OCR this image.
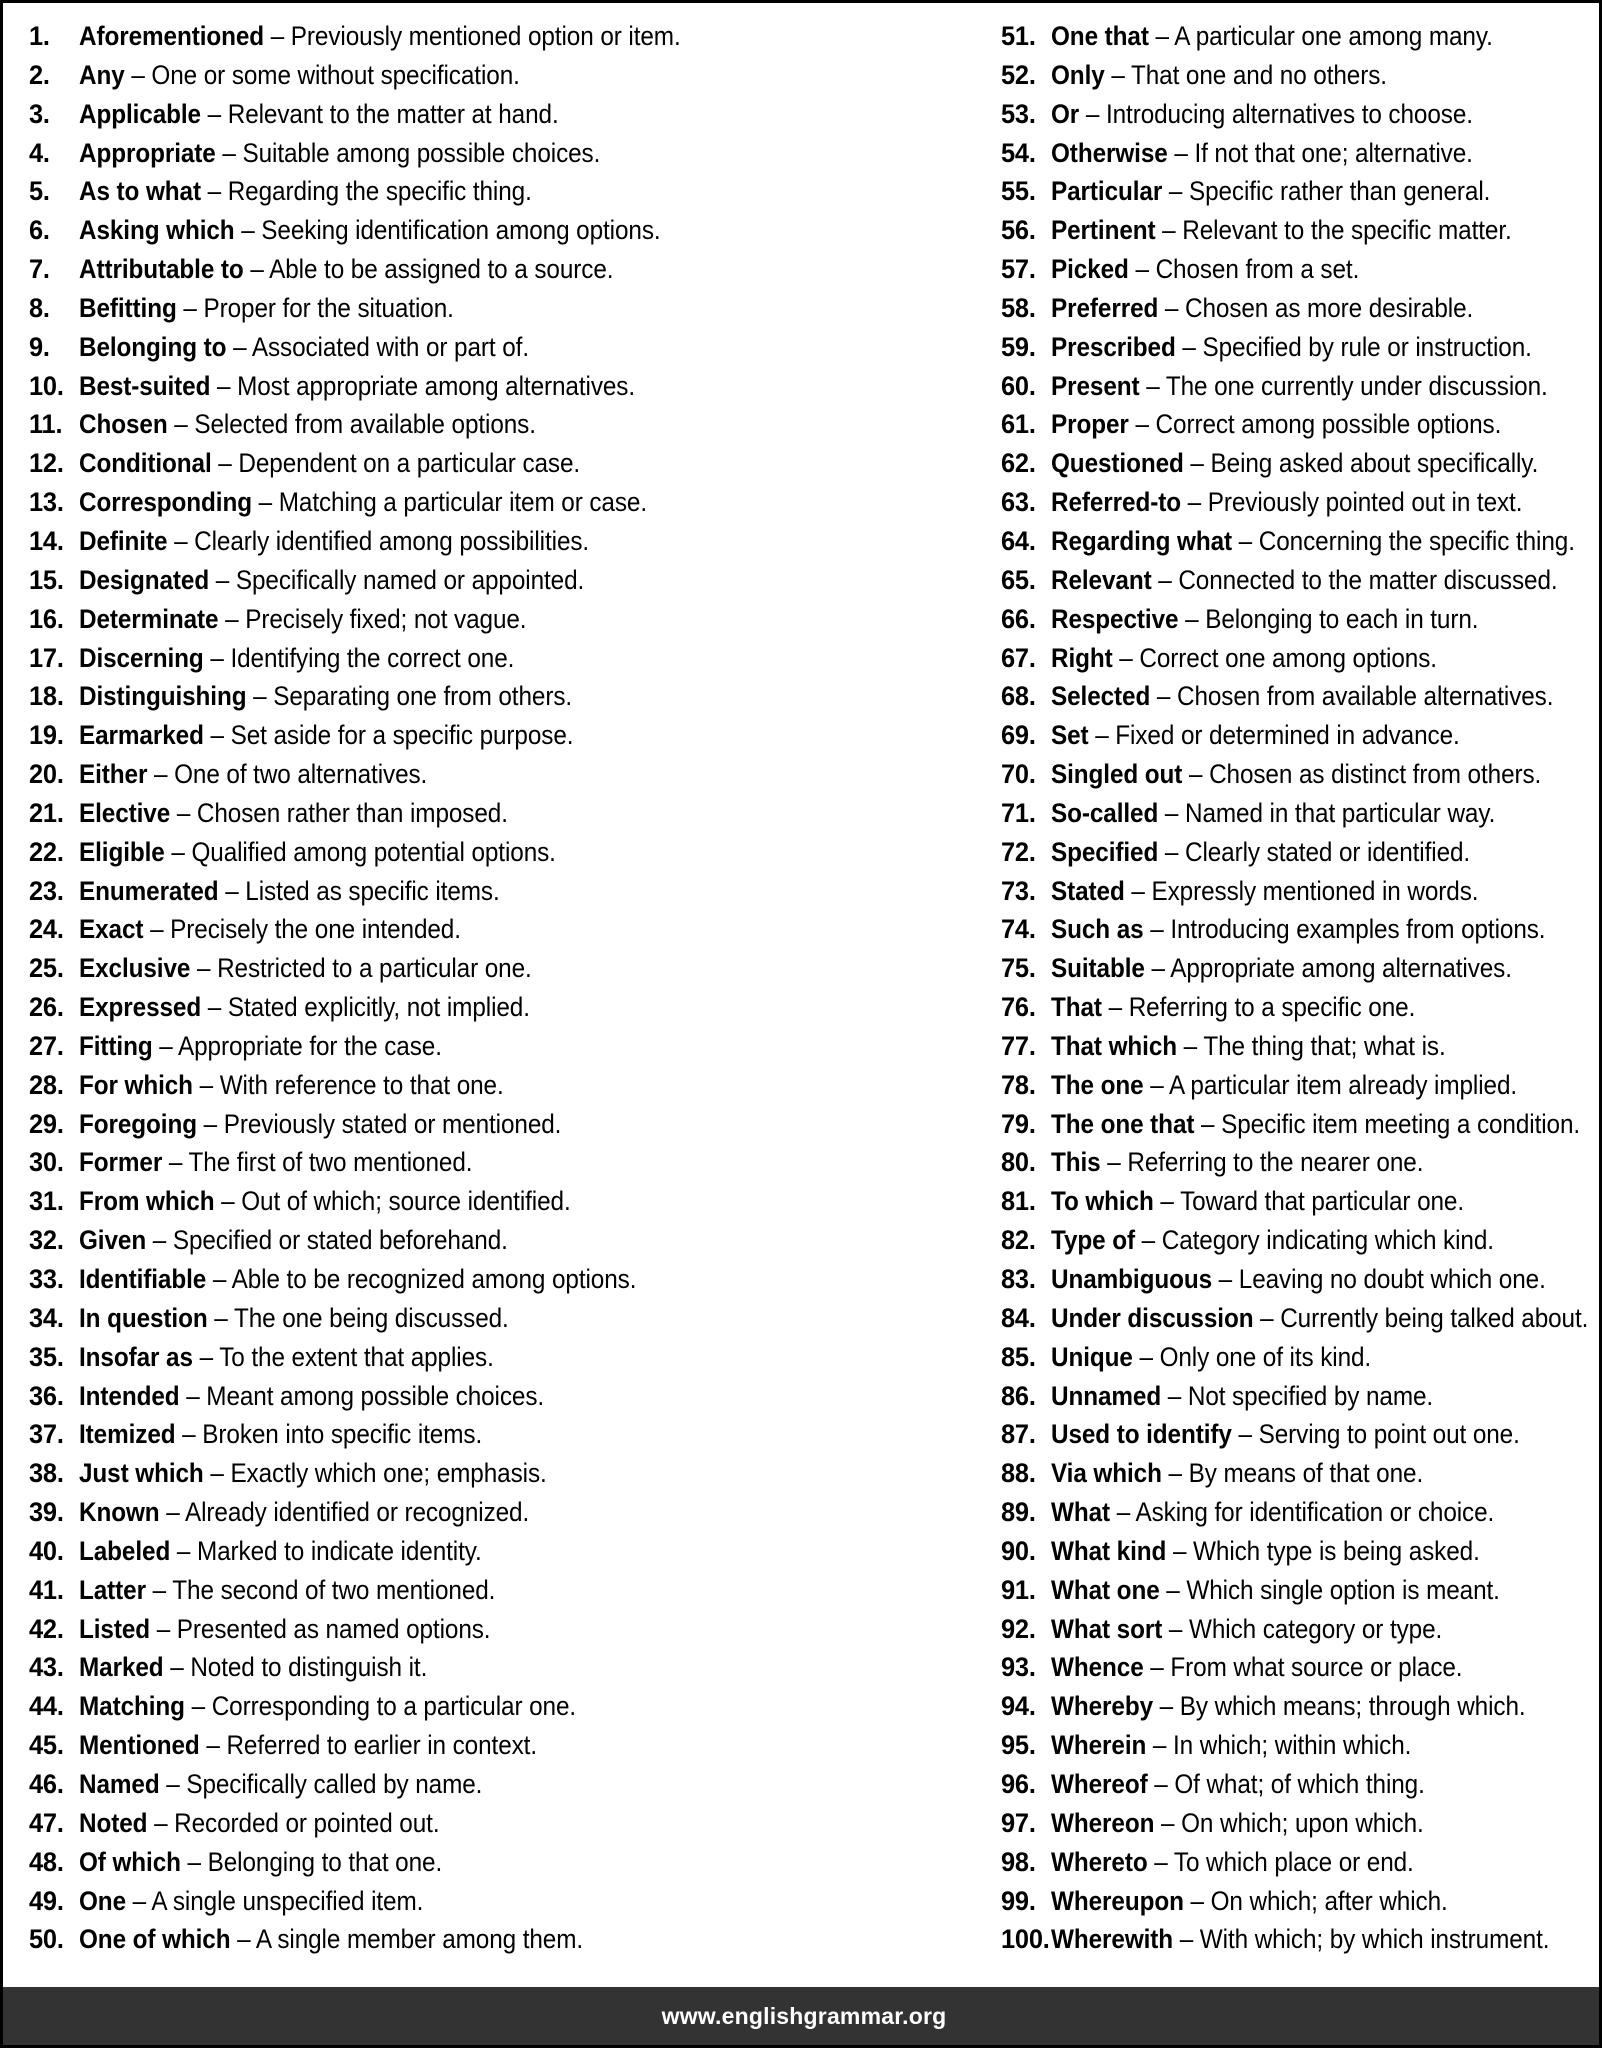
1.	Aforementioned – Previously mentioned option or item.
2.	Any – One or some without specification.
3.	Applicable – Relevant to the matter at hand.
4.	Appropriate – Suitable among possible choices.
5.	As to what – Regarding the specific thing.
6.	Asking which – Seeking identification among options.
7.	Attributable to – Able to be assigned to a source.
8.	Befitting – Proper for the situation.
9.	Belonging to – Associated with or part of.
10. Best-suited – Most appropriate among alternatives.
11. Chosen – Selected from available options.
12. Conditional – Dependent on a particular case.
13. Corresponding – Matching a particular item or case.
14. Definite – Clearly identified among possibilities.
15. Designated – Specifically named or appointed.
16. Determinate – Precisely fixed; not vague.
17. Discerning – Identifying the correct one.
18. Distinguishing – Separating one from others.
19. Earmarked – Set aside for a specific purpose.
20. Either – One of two alternatives.
21. Elective – Chosen rather than imposed.
22. Eligible – Qualified among potential options.
23. Enumerated – Listed as specific items.
24. Exact – Precisely the one intended.
25. Exclusive – Restricted to a particular one.
26. Expressed – Stated explicitly, not implied.
27. Fitting – Appropriate for the case.
28. For which – With reference to that one.
29. Foregoing – Previously stated or mentioned.
30. Former – The first of two mentioned.
31. From which – Out of which; source identified.
32. Given – Specified or stated beforehand.
33. Identifiable – Able to be recognized among options.
34. In question – The one being discussed.
35. Insofar as – To the extent that applies.
36. Intended – Meant among possible choices.
37. Itemized – Broken into specific items.
38. Just which – Exactly which one; emphasis.
39. Known – Already identified or recognized.
40. Labeled – Marked to indicate identity.
41. Latter – The second of two mentioned.
42. Listed – Presented as named options.
43. Marked – Noted to distinguish it.
44. Matching – Corresponding to a particular one.
45. Mentioned – Referred to earlier in context.
46. Named – Specifically called by name.
47. Noted – Recorded or pointed out.
48. Of which – Belonging to that one.
49. One – A single unspecified item.
50. One of which – A single member among them.
51. One that – A particular one among many.
52. Only – That one and no others.
53. Or – Introducing alternatives to choose.
54. Otherwise – If not that one; alternative.
55. Particular – Specific rather than general.
56. Pertinent – Relevant to the specific matter.
57. Picked – Chosen from a set.
58. Preferred – Chosen as more desirable.
59. Prescribed – Specified by rule or instruction.
60. Present – The one currently under discussion.
61. Proper – Correct among possible options.
62. Questioned – Being asked about specifically.
63. Referred-to – Previously pointed out in text.
64. Regarding what – Concerning the specific thing.
65. Relevant – Connected to the matter discussed.
66. Respective – Belonging to each in turn.
67. Right – Correct one among options.
68. Selected – Chosen from available alternatives.
69. Set – Fixed or determined in advance.
70. Singled out – Chosen as distinct from others.
71. So-called – Named in that particular way.
72. Specified – Clearly stated or identified.
73. Stated – Expressly mentioned in words.
74. Such as – Introducing examples from options.
75. Suitable – Appropriate among alternatives.
76. That – Referring to a specific one.
77. That which – The thing that; what is.
78. The one – A particular item already implied.
79. The one that – Specific item meeting a condition.
80. This – Referring to the nearer one.
81. To which – Toward that particular one.
82. Type of – Category indicating which kind.
83. Unambiguous – Leaving no doubt which one.
84. Under discussion – Currently being talked about.
85. Unique – Only one of its kind.
86. Unnamed – Not specified by name.
87. Used to identify – Serving to point out one.
88. Via which – By means of that one.
89. What – Asking for identification or choice.
90. What kind – Which type is being asked.
91. What one – Which single option is meant.
92. What sort – Which category or type.
93. Whence – From what source or place.
94. Whereby – By which means; through which.
95. Wherein – In which; within which.
96. Whereof – Of what; of which thing.
97. Whereon – On which; upon which.
98. Whereto – To which place or end.
99. Whereupon – On which; after which.
100. Wherewith – With which; by which instrument.
www.englishgrammar.org
